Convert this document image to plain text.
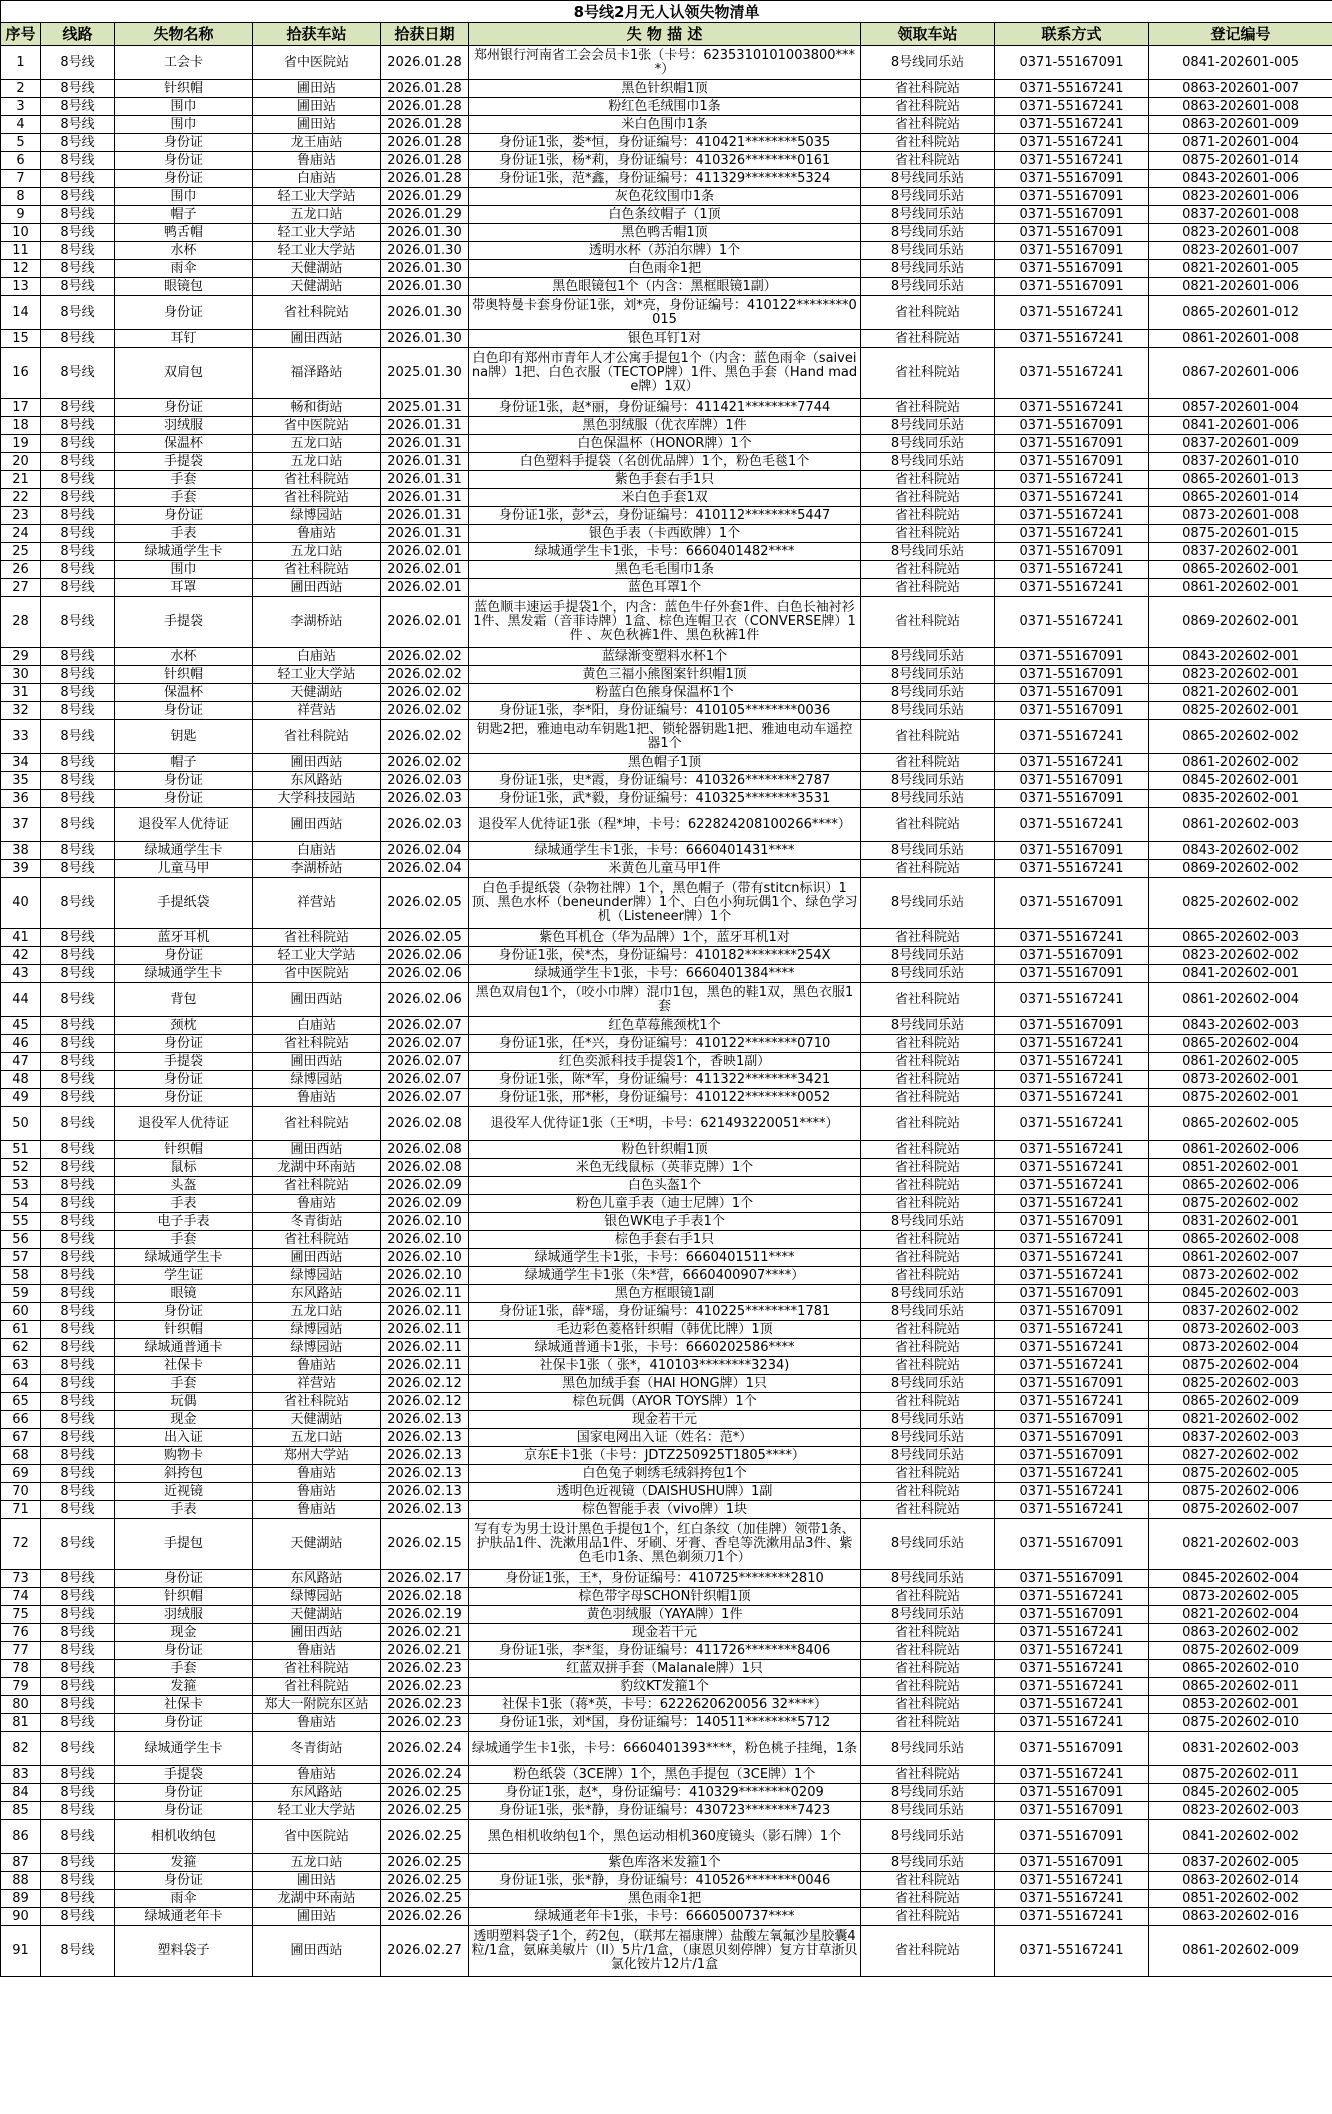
8号线2月无人认领失物清单								
序号	线路	失物名称	拾获车站	拾获日期	失 物 描 述	领取车站	联系方式	登记编号
1	8号线	工会卡	省中医院站	2026.01.28	郑州银行河南省工会会员卡1张（卡号：6235310101003800****）	8号线同乐站	0371-55167091	0841-202601-005
2	8号线	针织帽	圃田站	2026.01.28	黑色针织帽1顶	省社科院站	0371-55167241	0863-202601-007
3	8号线	围巾	圃田站	2026.01.28	粉红色毛绒围巾1条	省社科院站	0371-55167241	0863-202601-008
4	8号线	围巾	圃田站	2026.01.28	米白色围巾1条	省社科院站	0371-55167241	0863-202601-009
5	8号线	身份证	龙王庙站	2026.01.28	身份证1张，娄*恒，身份证编号：410421********5035	省社科院站	0371-55167241	0871-202601-004
6	8号线	身份证	鲁庙站	2026.01.28	身份证1张，杨*莉，身份证编号：410326********0161	省社科院站	0371-55167241	0875-202601-014
7	8号线	身份证	白庙站	2026.01.28	身份证1张，范*鑫，身份证编号：411329********5324	8号线同乐站	0371-55167091	0843-202601-006
8	8号线	围巾	轻工业大学站	2026.01.29	灰色花纹围巾1条	8号线同乐站	0371-55167091	0823-202601-006
9	8号线	帽子	五龙口站	2026.01.29	白色条纹帽子（1顶	8号线同乐站	0371-55167091	0837-202601-008
10	8号线	鸭舌帽	轻工业大学站	2026.01.30	黑色鸭舌帽1顶	8号线同乐站	0371-55167091	0823-202601-008
11	8号线	水杯	轻工业大学站	2026.01.30	透明水杯（苏泊尔牌）1个	8号线同乐站	0371-55167091	0823-202601-007
12	8号线	雨伞	天健湖站	2026.01.30	白色雨伞1把	8号线同乐站	0371-55167091	0821-202601-005
13	8号线	眼镜包	天健湖站	2026.01.30	黑色眼镜包1个（内含：黑框眼镜1副）	8号线同乐站	0371-55167091	0821-202601-006
14	8号线	身份证	省社科院站	2026.01.30	带奥特曼卡套身份证1张，刘*亮，身份证编号：410122********0015	省社科院站	0371-55167241	0865-202601-012
15	8号线	耳钉	圃田西站	2026.01.30	银色耳钉1对	省社科院站	0371-55167241	0861-202601-008
16	8号线	双肩包	福泽路站	2025.01.30	白色印有郑州市青年人才公寓手提包1个（内含：蓝色雨伞（saiveina牌）1把、白色衣服（TECTOP牌）1件、黑色手套（Hand made牌）1双）	省社科院站	0371-55167241	0867-202601-006
17	8号线	身份证	畅和街站	2025.01.31	身份证1张，赵*丽，身份证编号：411421********7744	省社科院站	0371-55167241	0857-202601-004
18	8号线	羽绒服	省中医院站	2026.01.31	黑色羽绒服（优衣库牌）1件	8号线同乐站	0371-55167091	0841-202601-006
19	8号线	保温杯	五龙口站	2026.01.31	白色保温杯（HONOR牌）1个	8号线同乐站	0371-55167091	0837-202601-009
20	8号线	手提袋	五龙口站	2026.01.31	白色塑料手提袋（名创优品牌）1个，粉色毛毯1个	8号线同乐站	0371-55167091	0837-202601-010
21	8号线	手套	省社科院站	2026.01.31	紫色手套右手1只	省社科院站	0371-55167241	0865-202601-013
22	8号线	手套	省社科院站	2026.01.31	米白色手套1双	省社科院站	0371-55167241	0865-202601-014
23	8号线	身份证	绿博园站	2026.01.31	身份证1张，彭*云，身份证编号：410112********5447	省社科院站	0371-55167241	0873-202601-008
24	8号线	手表	鲁庙站	2026.01.31	银色手表（卡西欧牌）1个	省社科院站	0371-55167241	0875-202601-015
25	8号线	绿城通学生卡	五龙口站	2026.02.01	绿城通学生卡1张，卡号：6660401482****	8号线同乐站	0371-55167091	0837-202602-001
26	8号线	围巾	省社科院站	2026.02.01	黑色毛毛围巾1条	省社科院站	0371-55167241	0865-202602-001
27	8号线	耳罩	圃田西站	2026.02.01	蓝色耳罩1个	省社科院站	0371-55167241	0861-202602-001
28	8号线	手提袋	李湖桥站	2026.02.01	蓝色顺丰速运手提袋1个，内含：蓝色牛仔外套1件、白色长袖衬衫1件、黑发霜（音菲诗牌）1盒、棕色连帽卫衣（CONVERSE牌）1件 、灰色秋裤1件、黑色秋裤1件	省社科院站	0371-55167241	0869-202602-001
29	8号线	水杯	白庙站	2026.02.02	蓝绿渐变塑料水杯1个	8号线同乐站	0371-55167091	0843-202602-001
30	8号线	针织帽	轻工业大学站	2026.02.02	黄色三福小熊图案针织帽1顶	8号线同乐站	0371-55167091	0823-202602-001
31	8号线	保温杯	天健湖站	2026.02.02	粉蓝白色熊身保温杯1个	8号线同乐站	0371-55167091	0821-202602-001
32	8号线	身份证	祥营站	2026.02.02	身份证1张，李*阳，身份证编号：410105********0036	8号线同乐站	0371-55167091	0825-202602-001
33	8号线	钥匙	省社科院站	2026.02.02	钥匙2把，雅迪电动车钥匙1把、锁轮器钥匙1把、雅迪电动车遥控器1个	省社科院站	0371-55167241	0865-202602-002
34	8号线	帽子	圃田西站	2026.02.02	黑色帽子1顶	省社科院站	0371-55167241	0861-202602-002
35	8号线	身份证	东风路站	2026.02.03	身份证1张，史*霞，身份证编号：410326********2787	8号线同乐站	0371-55167091	0845-202602-001
36	8号线	身份证	大学科技园站	2026.02.03	身份证1张，武*毅，身份证编号：410325********3531	8号线同乐站	0371-55167091	0835-202602-001
37	8号线	退役军人优待证	圃田西站	2026.02.03	退役军人优待证1张（程*坤，卡号：622824208100266****）	省社科院站	0371-55167241	0861-202602-003
38	8号线	绿城通学生卡	白庙站	2026.02.04	绿城通学生卡1张，卡号：6660401431****	8号线同乐站	0371-55167091	0843-202602-002
39	8号线	儿童马甲	李湖桥站	2026.02.04	米黄色儿童马甲1件	省社科院站	0371-55167241	0869-202602-002
40	8号线	手提纸袋	祥营站	2026.02.05	白色手提纸袋（杂物社牌）1个，黑色帽子（带有stitcn标识）1顶、黑色水杯（beneunder牌）1个、白色小狗玩偶1个、绿色学习机（Listeneer牌）1个	8号线同乐站	0371-55167091	0825-202602-002
41	8号线	蓝牙耳机	省社科院站	2026.02.05	紫色耳机仓（华为品牌）1个，蓝牙耳机1对	省社科院站	0371-55167241	0865-202602-003
42	8号线	身份证	轻工业大学站	2026.02.06	身份证1张，侯*杰，身份证编号：410182********254X	8号线同乐站	0371-55167091	0823-202602-002
43	8号线	绿城通学生卡	省中医院站	2026.02.06	绿城通学生卡1张，卡号：6660401384****	8号线同乐站	0371-55167091	0841-202602-001
44	8号线	背包	圃田西站	2026.02.06	黑色双肩包1个，（咬小巾牌）混巾1包，黑色的鞋1双，黑色衣服1套	省社科院站	0371-55167241	0861-202602-004
45	8号线	颈枕	白庙站	2026.02.07	红色草莓熊颈枕1个	8号线同乐站	0371-55167091	0843-202602-003
46	8号线	身份证	省社科院站	2026.02.07	身份证1张，任*兴，身份证编号：410122********0710	省社科院站	0371-55167241	0865-202602-004
47	8号线	手提袋	圃田西站	2026.02.07	红色奕派科技手提袋1个，香映1副）	省社科院站	0371-55167241	0861-202602-005
48	8号线	身份证	绿博园站	2026.02.07	身份证1张，陈*军，身份证编号：411322********3421	省社科院站	0371-55167241	0873-202602-001
49	8号线	身份证	鲁庙站	2026.02.07	身份证1张，邢*彬，身份证编号：410122********0052	省社科院站	0371-55167241	0875-202602-001
50	8号线	退役军人优待证	省社科院站	2026.02.08	退役军人优待证1张（王*明，卡号：621493220051****）	省社科院站	0371-55167241	0865-202602-005
51	8号线	针织帽	圃田西站	2026.02.08	粉色针织帽1顶	省社科院站	0371-55167241	0861-202602-006
52	8号线	鼠标	龙湖中环南站	2026.02.08	米色无线鼠标（英菲克牌）1个	省社科院站	0371-55167241	0851-202602-001
53	8号线	头盔	省社科院站	2026.02.09	白色头盔1个	省社科院站	0371-55167241	0865-202602-006
54	8号线	手表	鲁庙站	2026.02.09	粉色儿童手表（迪士尼牌）1个	省社科院站	0371-55167241	0875-202602-002
55	8号线	电子手表	冬青街站	2026.02.10	银色WK电子手表1个	8号线同乐站	0371-55167091	0831-202602-001
56	8号线	手套	省社科院站	2026.02.10	棕色手套右手1只	省社科院站	0371-55167241	0865-202602-008
57	8号线	绿城通学生卡	圃田西站	2026.02.10	绿城通学生卡1张，卡号：6660401511****	省社科院站	0371-55167241	0861-202602-007
58	8号线	学生证	绿博园站	2026.02.10	绿城通学生卡1张（朱*营，6660400907****）	省社科院站	0371-55167241	0873-202602-002
59	8号线	眼镜	东风路站	2026.02.11	黑色方框眼镜1副	8号线同乐站	0371-55167091	0845-202602-003
60	8号线	身份证	五龙口站	2026.02.11	身份证1张，薛*瑶，身份证编号：410225********1781	8号线同乐站	0371-55167091	0837-202602-002
61	8号线	针织帽	绿博园站	2026.02.11	毛边彩色菱格针织帽（韩优比牌）1顶	省社科院站	0371-55167241	0873-202602-003
62	8号线	绿城通普通卡	绿博园站	2026.02.11	绿城通普通卡1张，卡号：6660202586****	省社科院站	0371-55167241	0873-202602-004
63	8号线	社保卡	鲁庙站	2026.02.11	社保卡1张（ 张*，410103********3234)	省社科院站	0371-55167241	0875-202602-004
64	8号线	手套	祥营站	2026.02.12	黑色加绒手套（HAI HONG牌）1只	8号线同乐站	0371-55167091	0825-202602-003
65	8号线	玩偶	省社科院站	2026.02.12	棕色玩偶（AYOR TOYS牌）1个	省社科院站	0371-55167241	0865-202602-009
66	8号线	现金	天健湖站	2026.02.13	现金若干元	8号线同乐站	0371-55167091	0821-202602-002
67	8号线	出入证	五龙口站	2026.02.13	国家电网出入证（姓名：范*）	8号线同乐站	0371-55167091	0837-202602-003
68	8号线	购物卡	郑州大学站	2026.02.13	京东E卡1张（卡号：JDTZ250925T1805****）	8号线同乐站	0371-55167091	0827-202602-002
69	8号线	斜挎包	鲁庙站	2026.02.13	白色兔子刺绣毛绒斜挎包1个	省社科院站	0371-55167241	0875-202602-005
70	8号线	近视镜	鲁庙站	2026.02.13	透明色近视镜（DAISHUSHU牌）1副	省社科院站	0371-55167241	0875-202602-006
71	8号线	手表	鲁庙站	2026.02.13	棕色智能手表（vivo牌）1块	省社科院站	0371-55167241	0875-202602-007
72	8号线	手提包	天健湖站	2026.02.15	写有专为男士设计黑色手提包1个，红白条纹（加佳牌）领带1条、护肤品1件、洗漱用品1件、牙刷、牙膏、香皂等洗漱用品3件、紫色毛巾1条、黑色剃须刀1个）	8号线同乐站	0371-55167091	0821-202602-003
73	8号线	身份证	东风路站	2026.02.17	身份证1张，王*，身份证编号：410725********2810	8号线同乐站	0371-55167091	0845-202602-004
74	8号线	针织帽	绿博园站	2026.02.18	棕色带字母SCHON针织帽1顶	省社科院站	0371-55167241	0873-202602-005
75	8号线	羽绒服	天健湖站	2026.02.19	黄色羽绒服（YAYA牌）1件	8号线同乐站	0371-55167091	0821-202602-004
76	8号线	现金	圃田西站	2026.02.21	现金若干元	省社科院站	0371-55167241	0863-202602-002
77	8号线	身份证	鲁庙站	2026.02.21	身份证1张，李*玺，身份证编号：411726********8406	省社科院站	0371-55167241	0875-202602-009
78	8号线	手套	省社科院站	2026.02.23	红蓝双拼手套（Malanale牌）1只	省社科院站	0371-55167241	0865-202602-010
79	8号线	发箍	省社科院站	2026.02.23	豹纹KT发箍1个	省社科院站	0371-55167241	0865-202602-011
80	8号线	社保卡	郑大一附院东区站	2026.02.23	社保卡1张（蒋*英，卡号：6222620620056 32****）	省社科院站	0371-55167241	0853-202602-001
81	8号线	身份证	鲁庙站	2026.02.23	身份证1张，刘*国，身份证编号：140511********5712	省社科院站	0371-55167241	0875-202602-010
82	8号线	绿城通学生卡	冬青街站	2026.02.24	绿城通学生卡1张，卡号：6660401393****，粉色桃子挂绳，1条	8号线同乐站	0371-55167091	0831-202602-003
83	8号线	手提袋	鲁庙站	2026.02.24	粉色纸袋（3CE牌）1个，黑色手提包（3CE牌）1个	省社科院站	0371-55167241	0875-202602-011
84	8号线	身份证	东风路站	2026.02.25	身份证1张，赵*，身份证编号：410329********0209	8号线同乐站	0371-55167091	0845-202602-005
85	8号线	身份证	轻工业大学站	2026.02.25	身份证1张，张*静，身份证编号：430723********7423	8号线同乐站	0371-55167091	0823-202602-003
86	8号线	相机收纳包	省中医院站	2026.02.25	黑色相机收纳包1个，黑色运动相机360度镜头（影石牌）1个	8号线同乐站	0371-55167091	0841-202602-002
87	8号线	发箍	五龙口站	2026.02.25	紫色库洛米发箍1个	8号线同乐站	0371-55167091	0837-202602-005
88	8号线	身份证	圃田站	2026.02.25	身份证1张，张*静，身份证编号：410526********0046	省社科院站	0371-55167241	0863-202602-014
89	8号线	雨伞	龙湖中环南站	2026.02.25	黑色雨伞1把	省社科院站	0371-55167241	0851-202602-002
90	8号线	绿城通老年卡	圃田站	2026.02.26	绿城通老年卡1张，卡号：6660500737****	省社科院站	0371-55167241	0863-202602-016
91	8号线	塑料袋子	圃田西站	2026.02.27	透明塑料袋子1个，药2包，（联邦左福康牌）盐酸左氧氟沙星胶囊4粒/1盒，氨麻美敏片（II）5片/1盒，（康恩贝刻停牌）复方甘草浙贝氯化铵片12片/1盒	省社科院站	0371-55167241	0861-202602-009
